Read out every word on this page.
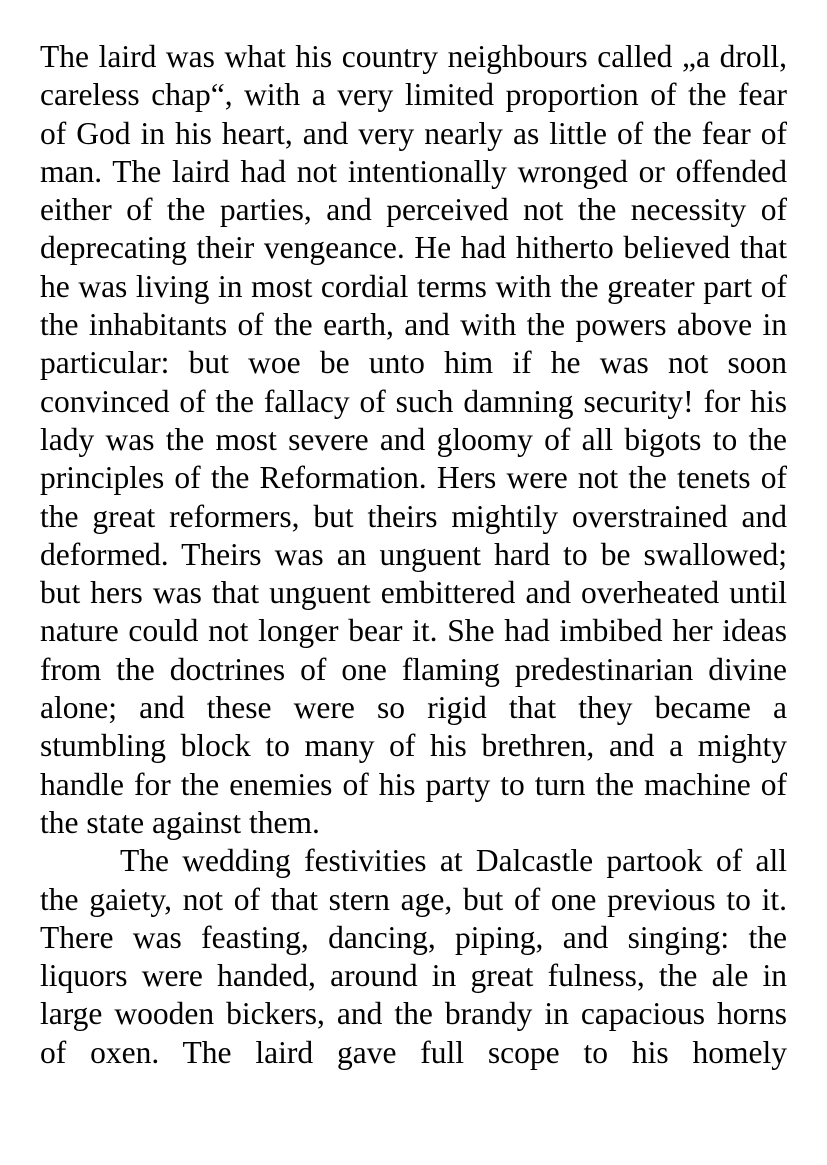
The laird was what his country neighbours called „a droll, careless chap“, with a very limited proportion of the fear of God in his heart, and very nearly as little of the fear of man. The laird had not intentionally wronged or offended either of the parties, and perceived not the necessity of deprecating their vengeance. He had hitherto believed that he was living in most cordial terms with the greater part of the inhabitants of the earth, and with the powers above in particular: but woe be unto him if he was not soon convinced of the fallacy of such damning security! for his lady was the most severe and gloomy of all bigots to the principles of the Reformation. Hers were not the tenets of the great reformers, but theirs mightily overstrained and deformed. Theirs was an unguent hard to be swallowed; but hers was that unguent embittered and overheated until nature could not longer bear it. She had imbibed her ideas from the doctrines of one flaming predestinarian divine alone; and these were so rigid that they became a stumbling block to many of his brethren, and a mighty handle for the enemies of his party to turn the machine of the state against them.

The wedding festivities at Dalcastle partook of all the gaiety, not of that stern age, but of one previous to it. There was feasting, dancing, piping, and singing: the liquors were handed, around in great fulness, the ale in large wooden bickers, and the brandy in capacious horns of oxen. The laird gave full scope to his homely
